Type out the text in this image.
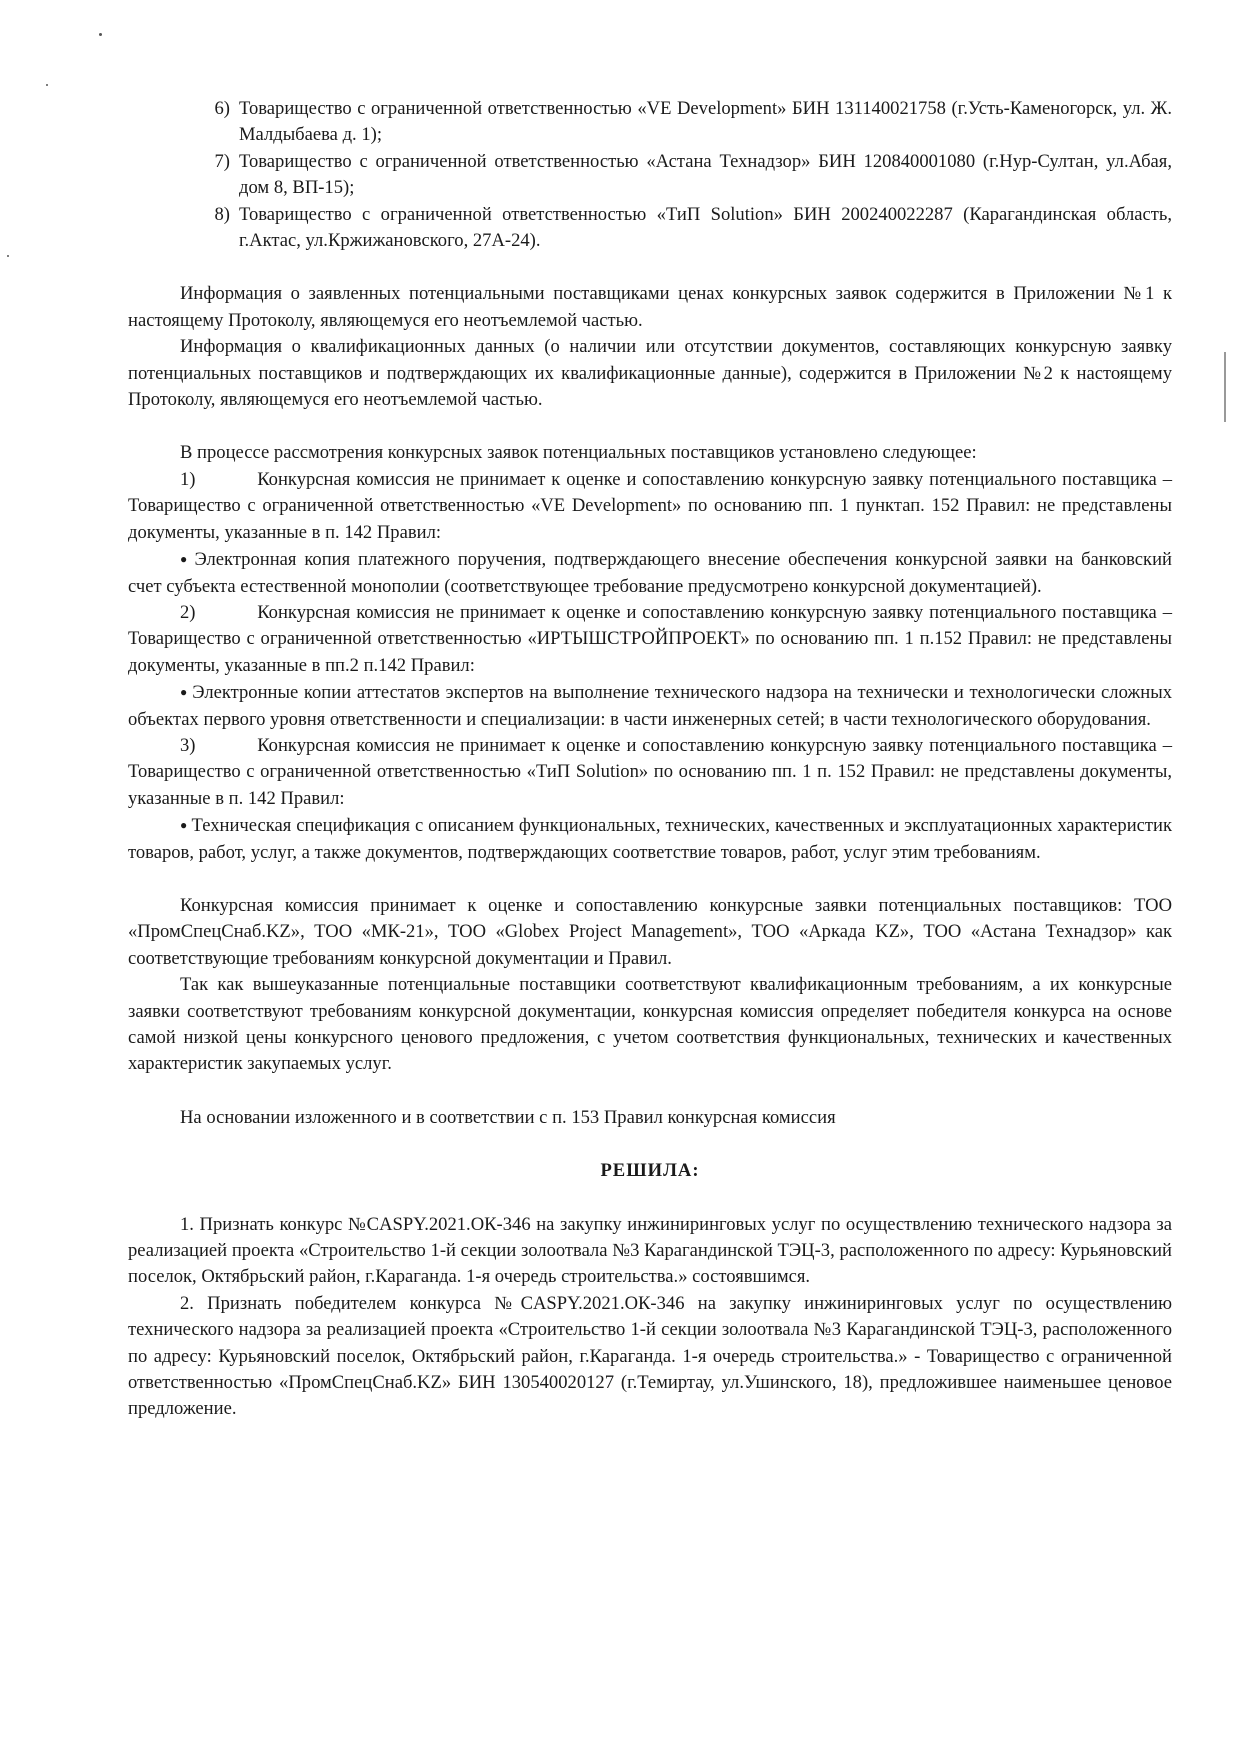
6) Товарищество с ограниченной ответственностью «VE Development» БИН 131140021758 (г.Усть-Каменогорск, ул. Ж. Малдыбаева д. 1);
7) Товарищество с ограниченной ответственностью «Астана Технадзор» БИН 120840001080 (г.Нур-Султан, ул.Абая, дом 8, ВП-15);
8) Товарищество с ограниченной ответственностью «ТиП Solution» БИН 200240022287 (Карагандинская область, г.Актас, ул.Кржижановского, 27А-24).

Информация о заявленных потенциальными поставщиками ценах конкурсных заявок содержится в Приложении №1 к настоящему Протоколу, являющемуся его неотъемлемой частью.

Информация о квалификационных данных (о наличии или отсутствии документов, составляющих конкурсную заявку потенциальных поставщиков и подтверждающих их квалификационные данные), содержится в Приложении №2 к настоящему Протоколу, являющемуся его неотъемлемой частью.

В процессе рассмотрения конкурсных заявок потенциальных поставщиков установлено следующее:

1)   	Конкурсная комиссия не принимает к оценке и сопоставлению конкурсную заявку потенциального поставщика – Товарищество с ограниченной ответственностью «VE Development» по основанию пп. 1 пунктап. 152 Правил: не представлены документы, указанные в п. 142 Правил:

● Электронная копия платежного поручения, подтверждающего внесение обеспечения конкурсной заявки на банковский счет субъекта естественной монополии (соответствующее требование предусмотрено конкурсной документацией).

2)   	Конкурсная комиссия не принимает к оценке и сопоставлению конкурсную заявку потенциального поставщика – Товарищество с ограниченной ответственностью «ИРТЫШСТРОЙПРОЕКТ» по основанию пп. 1 п.152 Правил: не представлены документы, указанные в пп.2 п.142 Правил:

● Электронные копии аттестатов экспертов на выполнение технического надзора на технически и технологически сложных объектах первого уровня ответственности и специализации: в части инженерных сетей; в части технологического оборудования.

3)   	Конкурсная комиссия не принимает к оценке и сопоставлению конкурсную заявку потенциального поставщика – Товарищество с ограниченной ответственностью «ТиП Solution» по основанию пп. 1 п. 152 Правил: не представлены документы, указанные в п. 142 Правил:

● Техническая спецификация с описанием функциональных, технических, качественных и эксплуатационных характеристик товаров, работ, услуг, а также документов, подтверждающих соответствие товаров, работ, услуг этим требованиям.

Конкурсная комиссия принимает к оценке и сопоставлению конкурсные заявки потенциальных поставщиков: ТОО «ПромСпецСнаб.KZ», ТОО «МК-21», ТОО «Globex Project Management», ТОО «Аркада KZ», ТОО «Астана Технадзор» как соответствующие требованиям конкурсной документации и Правил.

Так как вышеуказанные потенциальные поставщики соответствуют квалификационным требованиям, а их конкурсные заявки соответствуют требованиям конкурсной документации, конкурсная комиссия определяет победителя конкурса на основе самой низкой цены конкурсного ценового предложения, с учетом соответствия функциональных, технических и качественных характеристик закупаемых услуг.

На основании изложенного и в соответствии с п. 153 Правил конкурсная комиссия

РЕШИЛА:

1. Признать конкурс №CASPY.2021.ОК-346 на закупку инжиниринговых услуг по осуществлению технического надзора за реализацией проекта «Строительство 1-й секции золоотвала №3 Карагандинской ТЭЦ-3, расположенного по адресу: Курьяновский поселок, Октябрьский район, г.Караганда. 1-я очередь строительства.» состоявшимся.

2. Признать победителем конкурса №CASPY.2021.ОК-346 на закупку инжиниринговых услуг по осуществлению технического надзора за реализацией проекта «Строительство 1-й секции золоотвала №3 Карагандинской ТЭЦ-3, расположенного по адресу: Курьяновский поселок, Октябрьский район, г.Караганда. 1-я очередь строительства.» - Товарищество с ограниченной ответственностью «ПромСпецСнаб.KZ» БИН 130540020127 (г.Темиртау, ул.Ушинского, 18), предложившее наименьшее ценовое предложение.
